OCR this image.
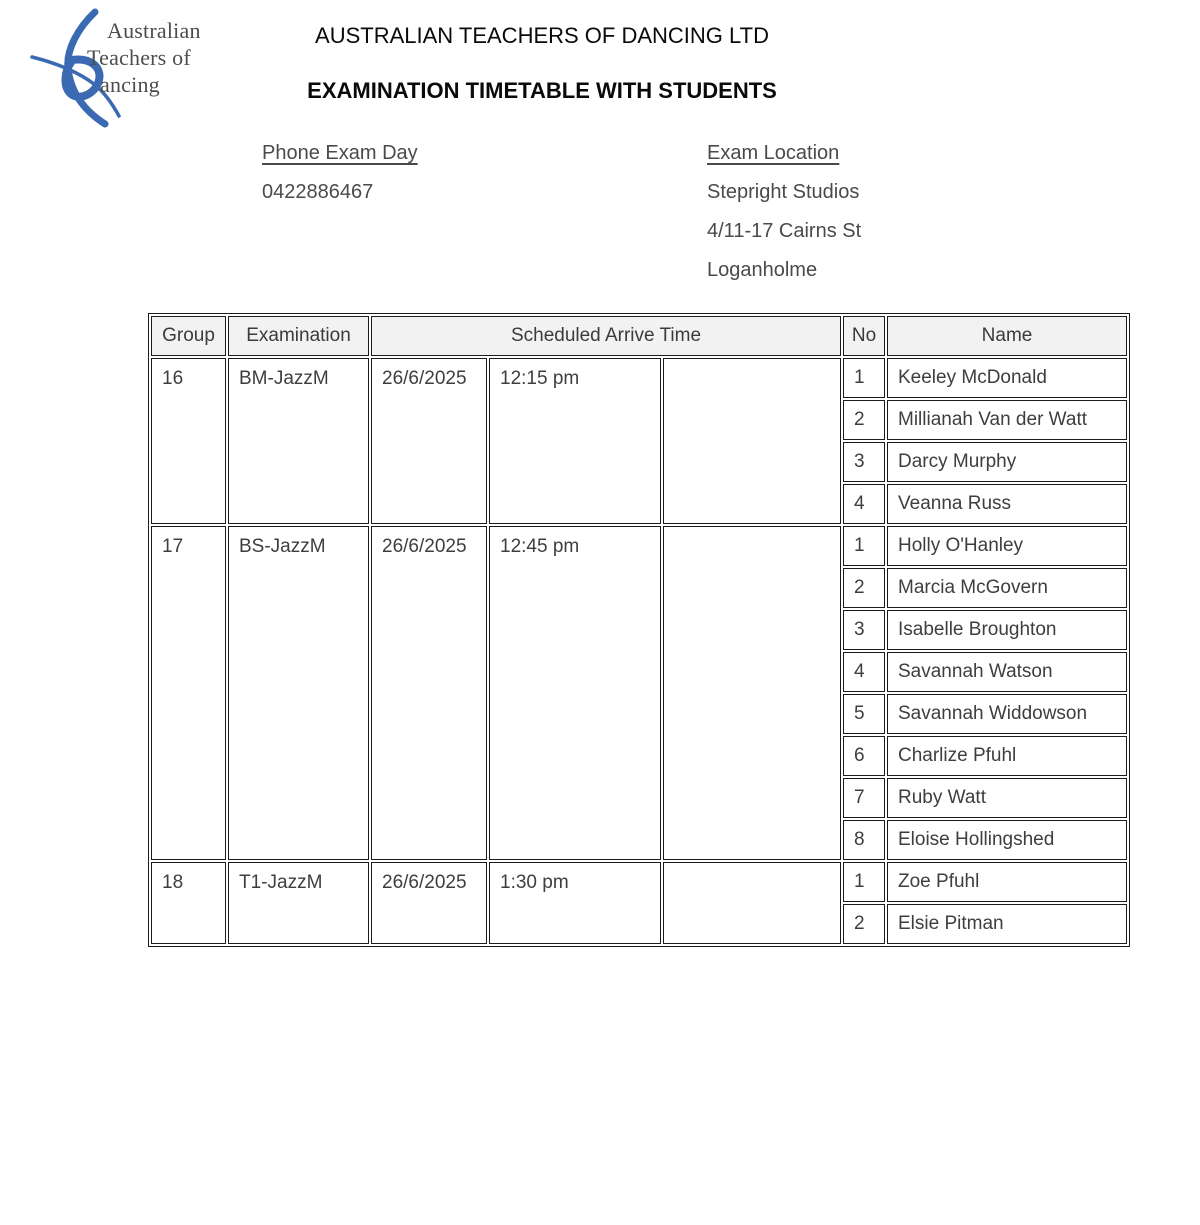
Australian
Teachers of
ancing
AUSTRALIAN TEACHERS OF DANCING LTD
EXAMINATION TIMETABLE WITH STUDENTS
Phone Exam Day
0422886467
Exam Location
Stepright Studios
4/11-17 Cairns St
Loganholme
Group	Examination	Scheduled Arrive Time			No	Name
16	BM-JazzM	26/6/2025	12:15 pm		1	Keeley McDonald
					2	Millianah Van der Watt
					3	Darcy Murphy
					4	Veanna Russ
17	BS-JazzM	26/6/2025	12:45 pm		1	Holly O'Hanley
					2	Marcia McGovern
					3	Isabelle Broughton
					4	Savannah Watson
					5	Savannah Widdowson
					6	Charlize Pfuhl
					7	Ruby Watt
					8	Eloise Hollingshed
18	T1-JazzM	26/6/2025	1:30 pm		1	Zoe Pfuhl
					2	Elsie Pitman
